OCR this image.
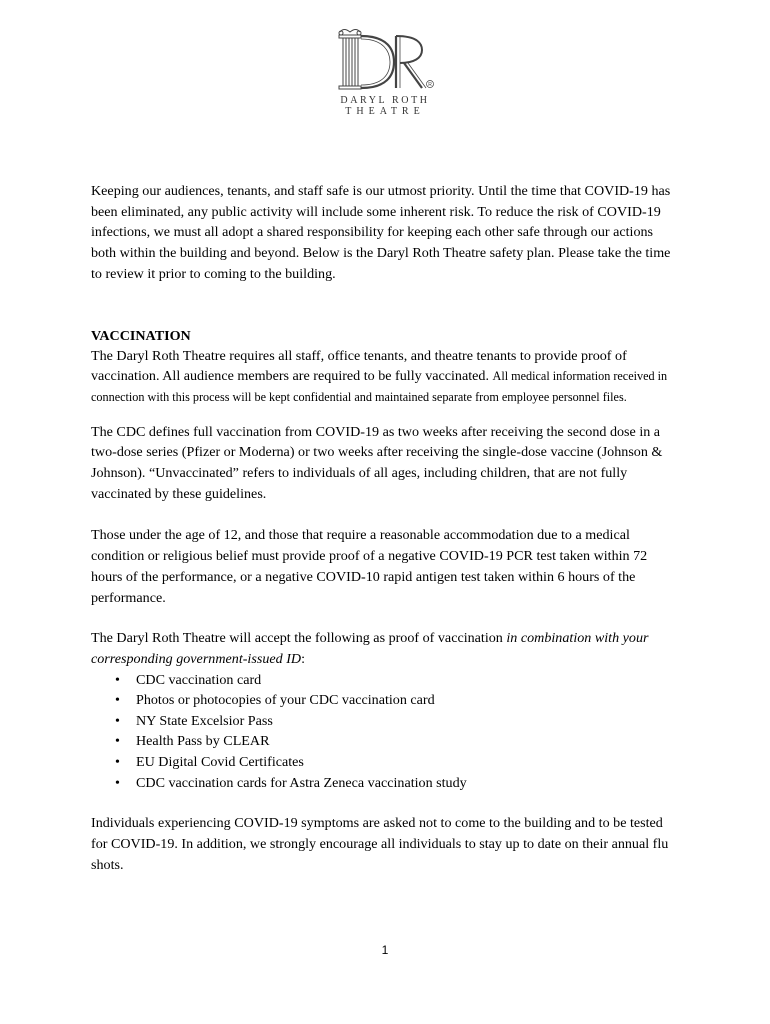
R
DARYL ROTH
THEATRE

Keeping our audiences, tenants, and staff safe is our utmost priority. Until the time that COVID-19 has been eliminated, any public activity will include some inherent risk. To reduce the risk of COVID-19 infections, we must all adopt a shared responsibility for keeping each other safe through our actions both within the building and beyond. Below is the Daryl Roth Theatre safety plan. Please take the time to review it prior to coming to the building.

VACCINATION

The Daryl Roth Theatre requires all staff, office tenants, and theatre tenants to provide proof of vaccination. All audience members are required to be fully vaccinated. All medical information received in connection with this process will be kept confidential and maintained separate from employee personnel files.

The CDC defines full vaccination from COVID-19 as two weeks after receiving the second dose in a two-dose series (Pfizer or Moderna) or two weeks after receiving the single-dose vaccine (Johnson & Johnson). “Unvaccinated” refers to individuals of all ages, including children, that are not fully vaccinated by these guidelines.

Those under the age of 12, and those that require a reasonable accommodation due to a medical condition or religious belief must provide proof of a negative COVID-19 PCR test taken within 72 hours of the performance, or a negative COVID-10 rapid antigen test taken within 6 hours of the performance.

The Daryl Roth Theatre will accept the following as proof of vaccination in combination with your corresponding government-issued ID:

• CDC vaccination card
• Photos or photocopies of your CDC vaccination card
• NY State Excelsior Pass
• Health Pass by CLEAR
• EU Digital Covid Certificates
• CDC vaccination cards for Astra Zeneca vaccination study

Individuals experiencing COVID-19 symptoms are asked not to come to the building and to be tested for COVID-19. In addition, we strongly encourage all individuals to stay up to date on their annual flu shots.

1
